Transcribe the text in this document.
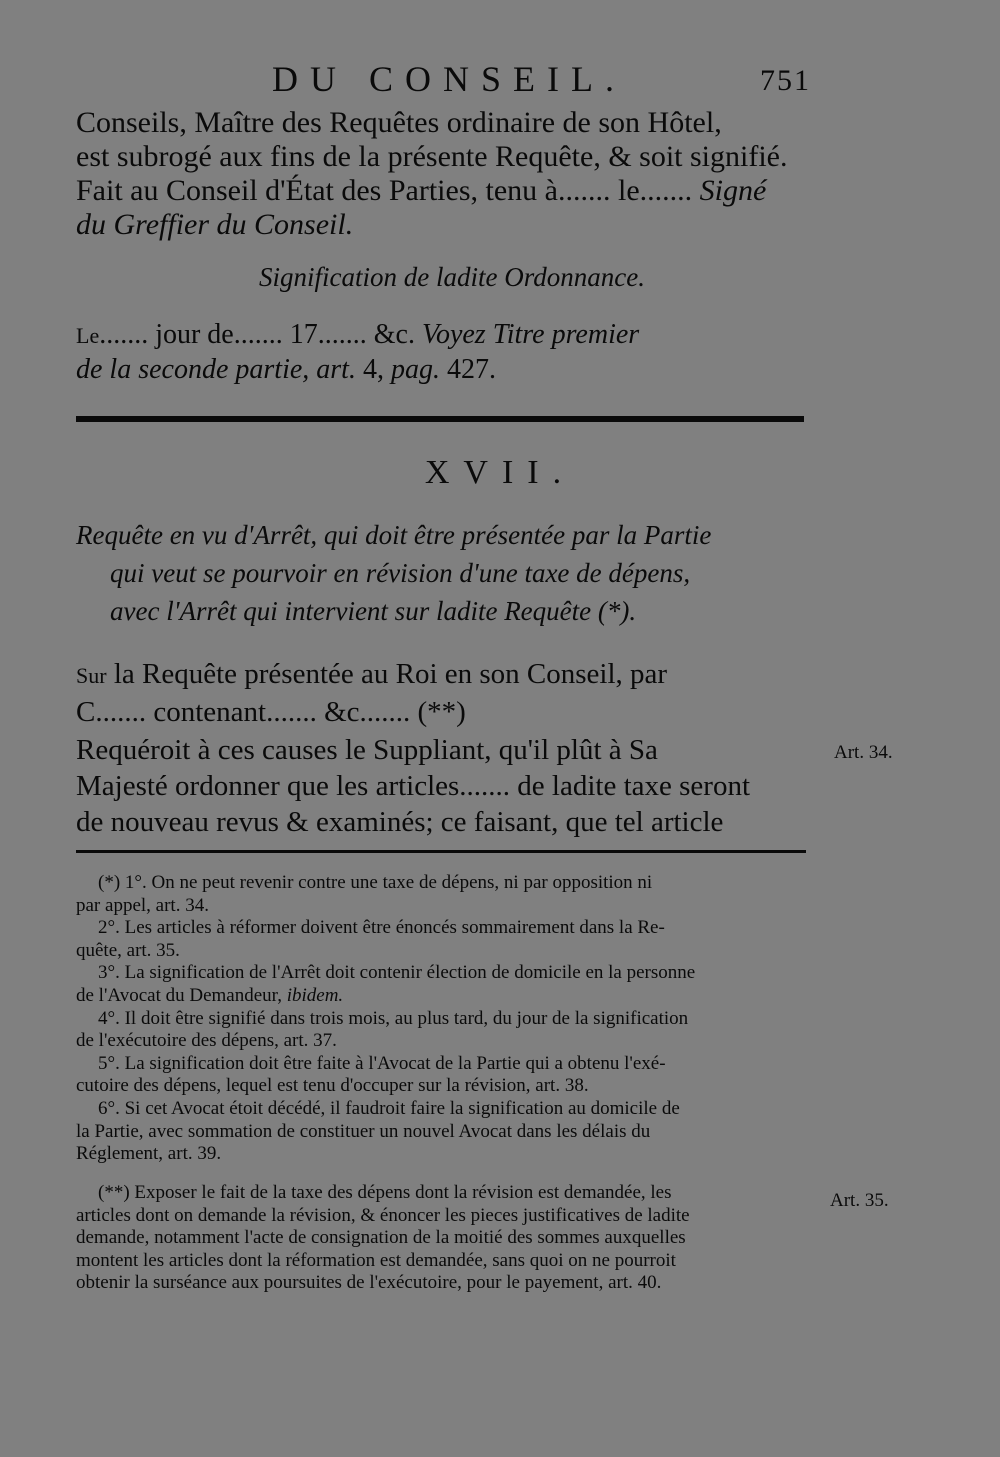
DU CONSEIL.	751
Conseils, Maître des Requêtes ordinaire de son Hôtel,
est subrogé aux fins de la présente Requête, & soit signifié.
Fait au Conseil d'État des Parties, tenu à....... le....... Signé
du Greffier du Conseil.
Signification de ladite Ordonnance.
Le....... jour de....... 17....... &c. Voyez Titre premier
de la seconde partie, art. 4, pag. 427.
XVII.
Requête en vu d'Arrêt, qui doit être présentée par la Partie
qui veut se pourvoir en révision d'une taxe de dépens,
avec l'Arrêt qui intervient sur ladite Requête (*).
Sur la Requête présentée au Roi en son Conseil, par
C....... contenant....... &c....... (**)
Requéroit à ces causes le Suppliant, qu'il plût à Sa
Majesté ordonner que les articles....... de ladite taxe seront
de nouveau revus & examinés; ce faisant, que tel article
Art. 34.

(*) 1°. On ne peut revenir contre une taxe de dépens, ni par opposition ni
par appel, art. 34.

2°. Les articles à réformer doivent être énoncés sommairement dans la Re-
quête, art. 35.

3°. La signification de l'Arrêt doit contenir élection de domicile en la personne
de l'Avocat du Demandeur, ibidem.

4°. Il doit être signifié dans trois mois, au plus tard, du jour de la signification
de l'exécutoire des dépens, art. 37.

5°. La signification doit être faite à l'Avocat de la Partie qui a obtenu l'exé-
cutoire des dépens, lequel est tenu d'occuper sur la révision, art. 38.

6°. Si cet Avocat étoit décédé, il faudroit faire la signification au domicile de
la Partie, avec sommation de constituer un nouvel Avocat dans les délais du
Réglement, art. 39.

(**) Exposer le fait de la taxe des dépens dont la révision est demandée, les
articles dont on demande la révision, & énoncer les pieces justificatives de ladite
demande, notamment l'acte de consignation de la moitié des sommes auxquelles
montent les articles dont la réformation est demandée, sans quoi on ne pourroit
obtenir la surséance aux poursuites de l'exécutoire, pour le payement, art. 40.
Art. 35.
